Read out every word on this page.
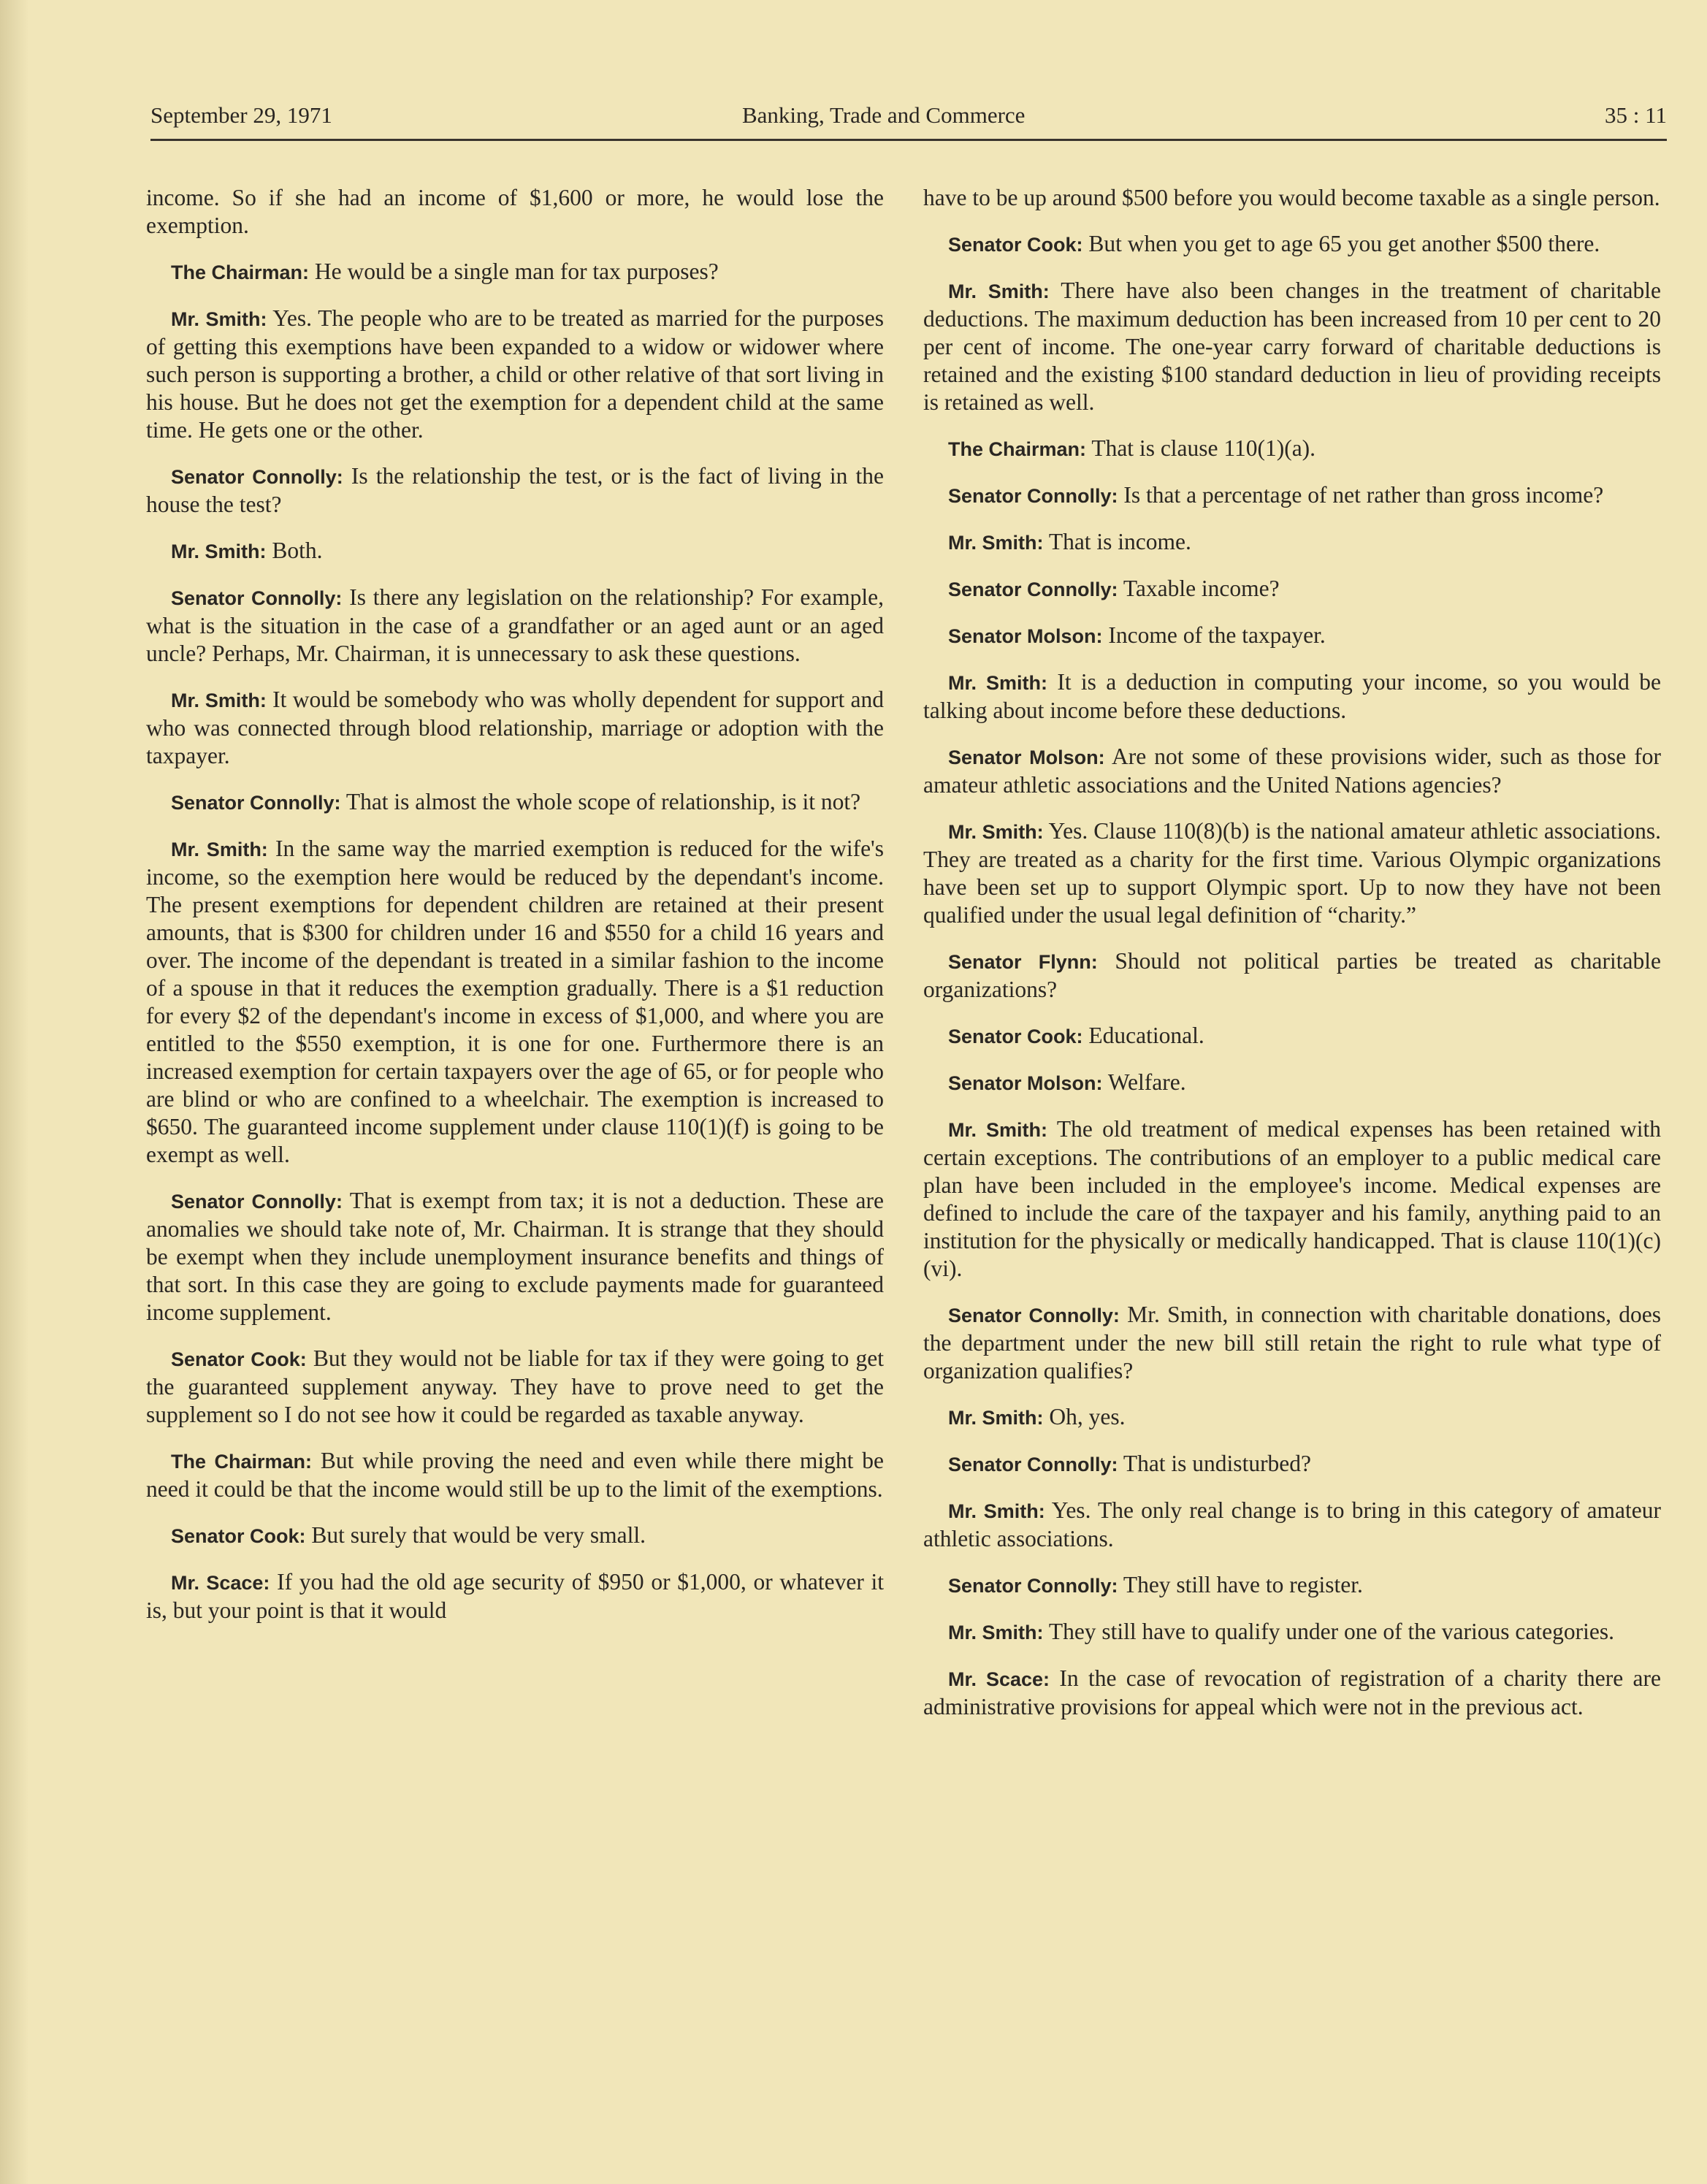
September 29, 1971	Banking, Trade and Commerce	35 : 11

income. So if she had an income of $1,600 or more, he would lose the exemption.

The Chairman: He would be a single man for tax purposes?

Mr. Smith: Yes. The people who are to be treated as married for the purposes of getting this exemptions have been expanded to a widow or widower where such person is supporting a brother, a child or other relative of that sort living in his house. But he does not get the exemption for a dependent child at the same time. He gets one or the other.

Senator Connolly: Is the relationship the test, or is the fact of living in the house the test?

Mr. Smith: Both.

Senator Connolly: Is there any legislation on the relationship? For example, what is the situation in the case of a grandfather or an aged aunt or an aged uncle? Perhaps, Mr. Chairman, it is unnecessary to ask these questions.

Mr. Smith: It would be somebody who was wholly dependent for support and who was connected through blood relationship, marriage or adoption with the taxpayer.

Senator Connolly: That is almost the whole scope of relationship, is it not?

Mr. Smith: In the same way the married exemption is reduced for the wife's income, so the exemption here would be reduced by the dependant's income. The present exemptions for dependent children are retained at their present amounts, that is $300 for children under 16 and $550 for a child 16 years and over. The income of the dependant is treated in a similar fashion to the income of a spouse in that it reduces the exemption gradually. There is a $1 reduction for every $2 of the dependant's income in excess of $1,000, and where you are entitled to the $550 exemption, it is one for one. Furthermore there is an increased exemption for certain taxpayers over the age of 65, or for people who are blind or who are confined to a wheelchair. The exemption is increased to $650. The guaranteed income supplement under clause 110(1)(f) is going to be exempt as well.

Senator Connolly: That is exempt from tax; it is not a deduction. These are anomalies we should take note of, Mr. Chairman. It is strange that they should be exempt when they include unemployment insurance benefits and things of that sort. In this case they are going to exclude payments made for guaranteed income supplement.

Senator Cook: But they would not be liable for tax if they were going to get the guaranteed supplement anyway. They have to prove need to get the supplement so I do not see how it could be regarded as taxable anyway.

The Chairman: But while proving the need and even while there might be need it could be that the income would still be up to the limit of the exemptions.

Senator Cook: But surely that would be very small.

Mr. Scace: If you had the old age security of $950 or $1,000, or whatever it is, but your point is that it would

have to be up around $500 before you would become taxable as a single person.

Senator Cook: But when you get to age 65 you get another $500 there.

Mr. Smith: There have also been changes in the treatment of charitable deductions. The maximum deduction has been increased from 10 per cent to 20 per cent of income. The one-year carry forward of charitable deductions is retained and the existing $100 standard deduction in lieu of providing receipts is retained as well.

The Chairman: That is clause 110(1)(a).

Senator Connolly: Is that a percentage of net rather than gross income?

Mr. Smith: That is income.

Senator Connolly: Taxable income?

Senator Molson: Income of the taxpayer.

Mr. Smith: It is a deduction in computing your income, so you would be talking about income before these deductions.

Senator Molson: Are not some of these provisions wider, such as those for amateur athletic associations and the United Nations agencies?

Mr. Smith: Yes. Clause 110(8)(b) is the national amateur athletic associations. They are treated as a charity for the first time. Various Olympic organizations have been set up to support Olympic sport. Up to now they have not been qualified under the usual legal definition of “charity.”

Senator Flynn: Should not political parties be treated as charitable organizations?

Senator Cook: Educational.

Senator Molson: Welfare.

Mr. Smith: The old treatment of medical expenses has been retained with certain exceptions. The contributions of an employer to a public medical care plan have been included in the employee's income. Medical expenses are defined to include the care of the taxpayer and his family, anything paid to an institution for the physically or medically handicapped. That is clause 110(1)(c)(vi).

Senator Connolly: Mr. Smith, in connection with charitable donations, does the department under the new bill still retain the right to rule what type of organization qualifies?

Mr. Smith: Oh, yes.

Senator Connolly: That is undisturbed?

Mr. Smith: Yes. The only real change is to bring in this category of amateur athletic associations.

Senator Connolly: They still have to register.

Mr. Smith: They still have to qualify under one of the various categories.

Mr. Scace: In the case of revocation of registration of a charity there are administrative provisions for appeal which were not in the previous act.
